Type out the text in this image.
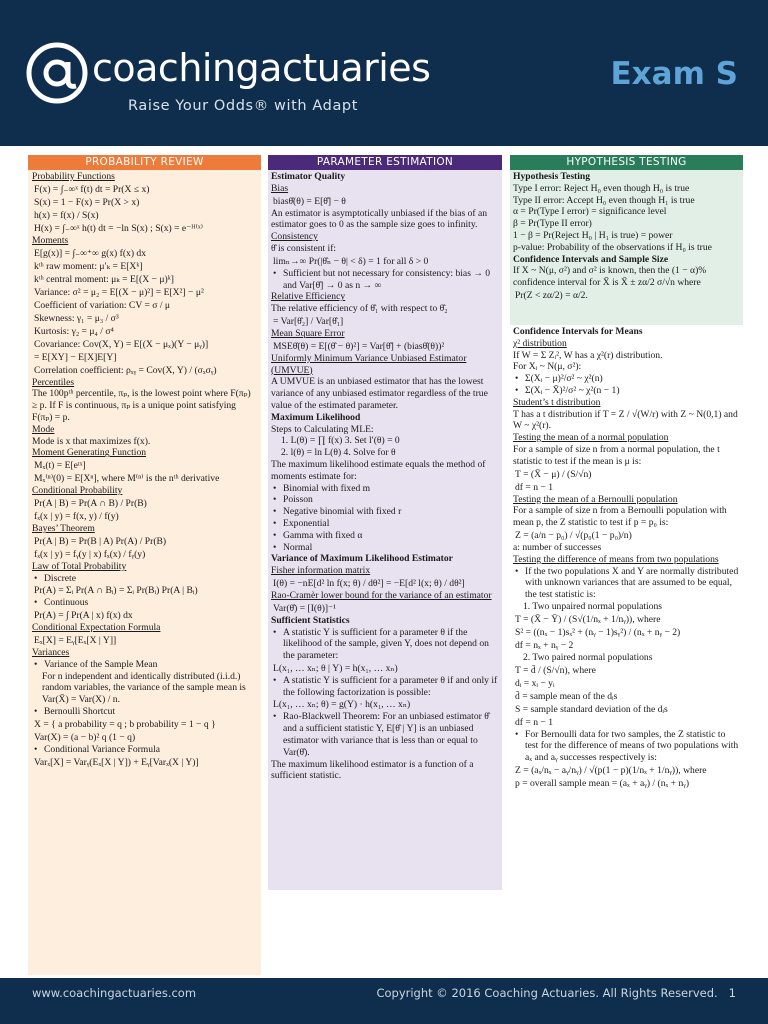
coachingactuaries
Raise Your Odds® with Adapt
Exam S
PROBABILITY REVIEW
Probability Functions
F(x) = ∫₋∞ˣ f(t) dt = Pr(X ≤ x)
S(x) = 1 − F(x) = Pr(X > x)
h(x) = f(x) / S(x)
H(x) = ∫₋∞ˣ h(t) dt = −ln S(x) ; S(x) = e⁻ᴴ⁽ˣ⁾
Moments
E[g(x)] = ∫₋∞⁺∞ g(x) f(x) dx
kᵗʰ raw moment: μ′ₖ = E[Xᵏ]
kᵗʰ central moment: μₖ = E[(X − μ)ᵏ]
Variance: σ² = μ₂ = E[(X − μ)²] = E[X²] − μ²
Coefficient of variation: CV = σ / μ
Skewness: γ₁ = μ₃ / σ³
Kurtosis: γ₂ = μ₄ / σ⁴
Covariance: Cov(X, Y) = E[(X − μₓ)(Y − μᵧ)]
= E[XY] − E[X]E[Y]
Correlation coefficient: ρₓᵧ = Cov(X, Y) / (σₓσᵧ)
Percentiles
The 100pᵗʰ percentile, πₚ, is the lowest point where F(πₚ) ≥ p. If F is continuous, πₚ is a unique point satisfying F(πₚ) = p.
Mode
Mode is x that maximizes f(x).
Moment Generating Function
Mₓ(t) = E[eᵗˣ]
Mₓ⁽ⁿ⁾(0) = E[Xⁿ], where M⁽ⁿ⁾ is the nᵗʰ derivative
Conditional Probability
Pr(A | B) = Pr(A ∩ B) / Pr(B)
fₓ(x | y) = f(x, y) / f(y)
Bayes’ Theorem
Pr(A | B) = Pr(B | A) Pr(A) / Pr(B)
fₓ(x | y) = fᵧ(y | x) fₓ(x) / fᵧ(y)
Law of Total Probability
• Discrete
Pr(A) = Σᵢ Pr(A ∩ Bᵢ) = Σᵢ Pr(Bᵢ) Pr(A | Bᵢ)
• Continuous
Pr(A) = ∫ Pr(A | x) f(x) dx
Conditional Expectation Formula
Eₓ[X] = Eᵧ[Eₓ[X | Y]]
Variances
• Variance of the Sample Mean
For n independent and identically distributed (i.i.d.) random variables, the variance of the sample mean is Var(X̄) = Var(X) / n.
• Bernoulli Shortcut
X = { a probability = q ; b probability = 1 − q }
Var(X) = (a − b)² q (1 − q)
• Conditional Variance Formula
Varₓ[X] = Varᵧ(Eₓ[X | Y]) + Eᵧ[Varₓ(X | Y)]
PARAMETER ESTIMATION
Estimator Quality
Bias
biasθ̂(θ) = E[θ̂] − θ
An estimator is asymptotically unbiased if the bias of an estimator goes to 0 as the sample size goes to infinity.
Consistency
θ̂ is consistent if:
limₙ→∞ Pr(|θ̂ₙ − θ| < δ) = 1 for all δ > 0
• Sufficient but not necessary for consistency: bias → 0 and Var[θ̂] → 0 as n → ∞
Relative Efficiency
The relative efficiency of θ̂₁ with respect to θ̂₂
= Var[θ̂₂] / Var[θ̂₁]
Mean Square Error
MSEθ̂(θ) = E[(θ̂ − θ)²] = Var[θ̂] + (biasθ̂(θ))²
Uniformly Minimum Variance Unbiased Estimator (UMVUE)
A UMVUE is an unbiased estimator that has the lowest variance of any unbiased estimator regardless of the true value of the estimated parameter.
Maximum Likelihood
Steps to Calculating MLE:
1. L(θ) = ∏ f(x) 3. Set l′(θ) = 0
2. l(θ) = ln L(θ) 4. Solve for θ
The maximum likelihood estimate equals the method of moments estimate for:
• Binomial with fixed m
• Poisson
• Negative binomial with fixed r
• Exponential
• Gamma with fixed α
• Normal
Variance of Maximum Likelihood Estimator
Fisher information matrix
I(θ) = −nE[d² ln f(x; θ) / dθ²] = −E[d² l(x; θ) / dθ²]
Rao-Cramèr lower bound for the variance of an estimator
Var(θ̂) = [I(θ)]⁻¹
Sufficient Statistics
• A statistic Y is sufficient for a parameter θ if the likelihood of the sample, given Y, does not depend on the parameter:
L(x₁, … xₙ; θ | Y) = h(x₁, … xₙ)
• A statistic Y is sufficient for a parameter θ if and only if the following factorization is possible:
L(x₁, … xₙ; θ) = g(Y) · h(x₁, … xₙ)
• Rao-Blackwell Theorem: For an unbiased estimator θ̂ and a sufficient statistic Y, E[θ̂ | Y] is an unbiased estimator with variance that is less than or equal to Var(θ̂).
The maximum likelihood estimator is a function of a sufficient statistic.
HYPOTHESIS TESTING
Hypothesis Testing
Type I error: Reject H₀ even though H₀ is true
Type II error: Accept H₀ even though H₁ is true
α = Pr(Type I error) = significance level
β = Pr(Type II error)
1 − β = Pr(Reject H₀ | H₁ is true) = power
p-value: Probability of the observations if H₀ is true
Confidence Intervals and Sample Size
If X ~ N(μ, σ²) and σ² is known, then the (1 − α)% confidence interval for X̄ is X̄ ± zα/2 σ/√n where
Pr(Z < zα/2) = α/2.
Confidence Intervals for Means
χ² distribution
If W = Σ Zᵢ², W has a χ²(r) distribution.
For Xᵢ ~ N(μ, σ²):
• Σ(Xᵢ − μ)²/σ² ~ χ²(n)
• Σ(Xᵢ − X̄)²/σ² ~ χ²(n − 1)
Student’s t distribution
T has a t distribution if T = Z / √(W/r) with Z ~ N(0,1) and W ~ χ²(r).
Testing the mean of a normal population
For a sample of size n from a normal population, the t statistic to test if the mean is μ is:
T = (X̄ − μ) / (S/√n)
df = n − 1
Testing the mean of a Bernoulli population
For a sample of size n from a Bernoulli population with mean p, the Z statistic to test if p = p₀ is:
Z = (a/n − p₀) / √(p₀(1 − p₀)/n)
a: number of successes
Testing the difference of means from two populations
• If the two populations X and Y are normally distributed with unknown variances that are assumed to be equal, the test statistic is:
1. Two unpaired normal populations
T = (X̄ − Ȳ) / (S√(1/nₓ + 1/nᵧ)), where
S² = ((nₓ − 1)sₓ² + (nᵧ − 1)sᵧ²) / (nₓ + nᵧ − 2)
df = nₓ + nᵧ − 2
2. Two paired normal populations
T = d̄ / (S/√n), where
dᵢ = xᵢ − yᵢ
d̄ = sample mean of the dᵢs
S = sample standard deviation of the dᵢs
df = n − 1
• For Bernoulli data for two samples, the Z statistic to test for the difference of means of two populations with aₓ and aᵧ successes respectively is:
Z = (aₓ/nₓ − aᵧ/nᵧ) / √(p(1 − p)(1/nₓ + 1/nᵧ)), where
p = overall sample mean = (aₓ + aᵧ) / (nₓ + nᵧ)
www.coachingactuaries.com	Copyright © 2016 Coaching Actuaries. All Rights Reserved. 1
